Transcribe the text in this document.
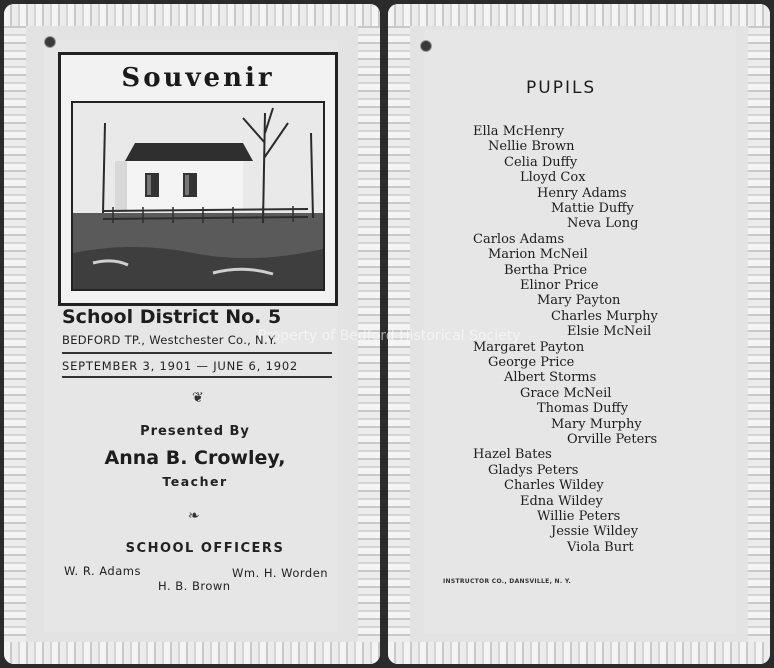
Souvenir
School District No. 5
BEDFORD TP., Westchester Co., N.Y.
SEPTEMBER 3, 1901 — JUNE 6, 1902
❦
Presented By
Anna B. Crowley,
Teacher
❧
SCHOOL OFFICERS
W. R. Adams	Wm. H. Worden
H. B. Brown
PUPILS
Ella McHenry
Nellie Brown
Celia Duffy
Lloyd Cox
Henry Adams
Mattie Duffy
Neva Long
Carlos Adams
Marion McNeil
Bertha Price
Elinor Price
Mary Payton
Charles Murphy
Elsie McNeil
Margaret Payton
George Price
Albert Storms
Grace McNeil
Thomas Duffy
Mary Murphy
Orville Peters
Hazel Bates
Gladys Peters
Charles Wildey
Edna Wildey
Willie Peters
Jessie Wildey
Viola Burt
INSTRUCTOR CO., DANSVILLE, N. Y.
Property of Bedford Historical Society
